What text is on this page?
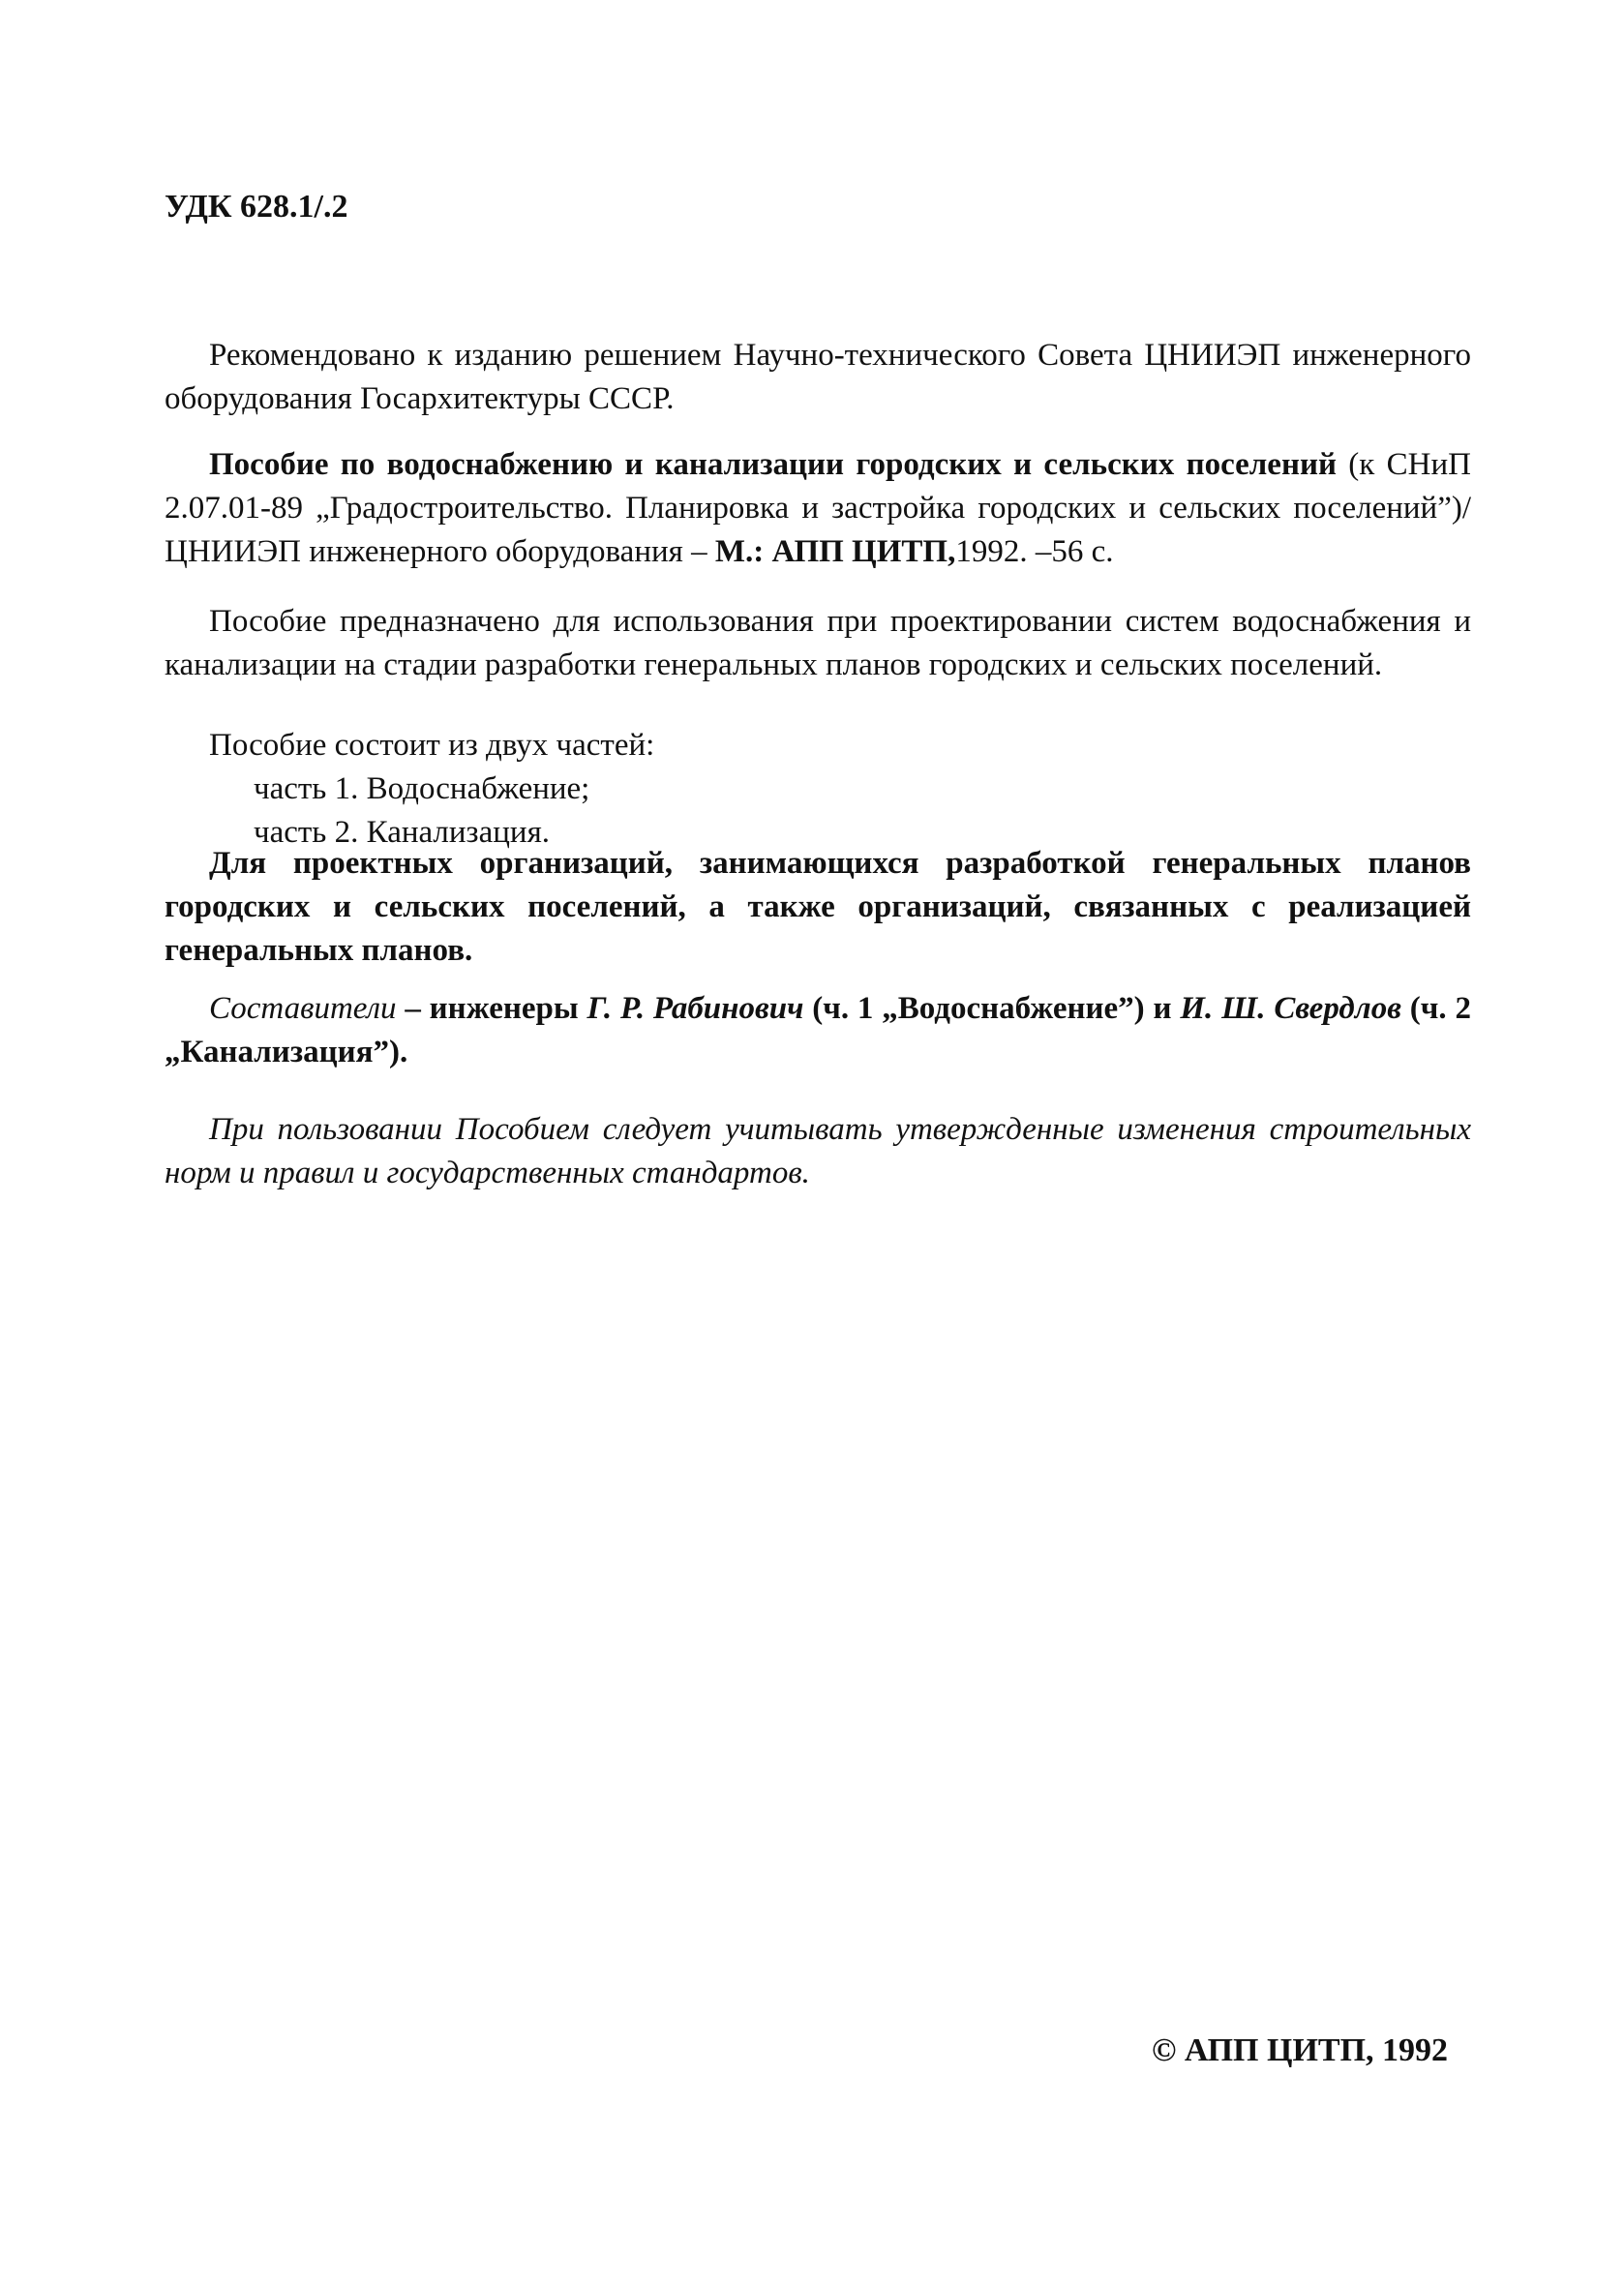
УДК 628.1/.2
Рекомендовано к изданию решением Научно-технического Совета ЦНИИЭП инженерного оборудования Госархитектуры СССР.
Пособие по водоснабжению и канализации городских и сельских поселений (к СНиП 2.07.01-89 „Градостроительство. Планировка и застройка городских и сельских поселений”)/ЦНИИЭП инженерного оборудования – М.: АПП ЦИТП,1992. –56 с.
Пособие предназначено для использования при проектировании систем водоснабжения и канализации на стадии разработки генеральных планов городских и сельских поселений.
Пособие состоит из двух частей:
часть 1. Водоснабжение;
часть 2. Канализация.
Для проектных организаций, занимающихся разработкой генеральных планов городских и сельских поселений, а также организаций, связанных с реализацией генеральных планов.
Составители – инженеры Г. Р. Рабинович (ч. 1 „Водоснабжение”) и И. Ш. Свердлов (ч. 2 „Канализация”).
При пользовании Пособием следует учитывать утвержденные изменения строительных норм и правил и государственных стандартов.
© АПП ЦИТП, 1992
